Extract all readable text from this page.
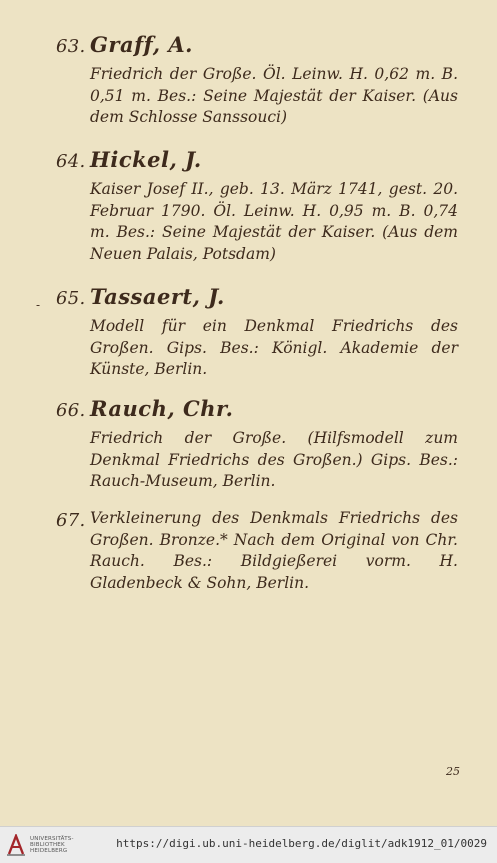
63. Graff, A.
Friedrich der Große. Öl. Leinw. H. 0,62 m. B. 0,51 m. Bes.: Seine Majestät der Kaiser. (Aus dem Schlosse Sanssouci)
64. Hickel, J.
Kaiser Josef II., geb. 13. März 1741, gest. 20. Februar 1790. Öl. Leinw. H. 0,95 m. B. 0,74 m. Bes.: Seine Majestät der Kaiser. (Aus dem Neuen Palais, Potsdam)
- 65. Tassaert, J.
Modell für ein Denkmal Friedrichs des Großen. Gips. Bes.: Königl. Akademie der Künste, Berlin.
66. Rauch, Chr.
Friedrich der Große. (Hilfsmodell zum Denkmal Friedrichs des Großen.) Gips. Bes.: Rauch-Museum, Berlin.
67. Verkleinerung des Denkmals Friedrichs des Großen. Bronze.* Nach dem Original von Chr. Rauch. Bes.: Bildgießerei vorm. H. Gladenbeck & Sohn, Berlin.
25
UNIVERSITÄTS-
BIBLIOTHEK
HEIDELBERG
https://digi.ub.uni-heidelberg.de/diglit/adk1912_01/0029
